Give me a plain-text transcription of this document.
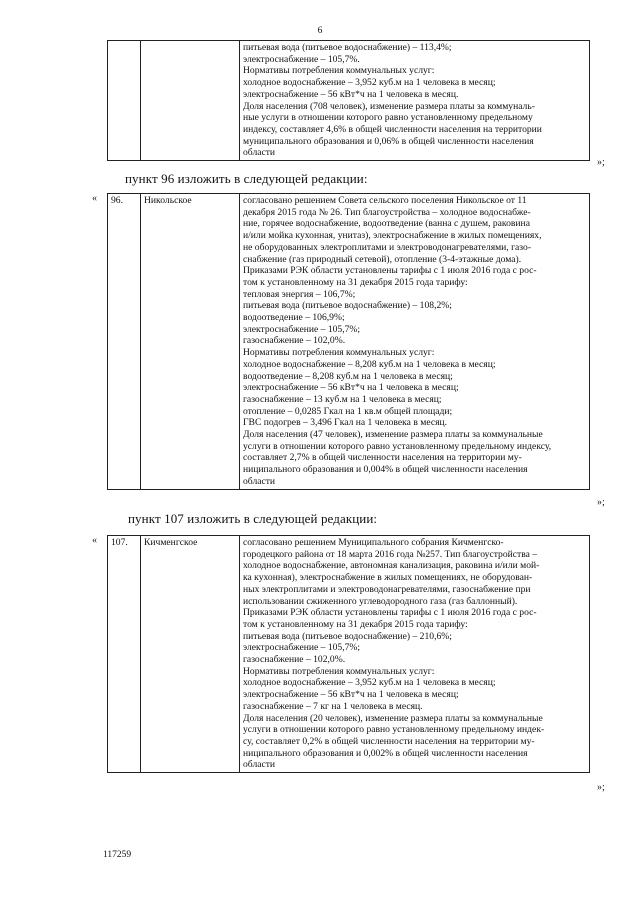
6

питьевая вода (питьевое водоснабжение) – 113,4%;
электроснабжение – 105,7%.
Нормативы потребления коммунальных услуг:
холодное водоснабжение – 3,952 куб.м на 1 человека в месяц;
электроснабжение – 56 кВт*ч на 1 человека в месяц.
Доля населения (708 человек), изменение размера платы за коммуналь-
ные услуги в отношении которого равно установленному предельному
индексу, составляет 4,6% в общей численности населения на территории
муниципального образования и 0,06% в общей численности населения
области
»;
пункт 96 изложить в следующей редакции:
« 96.	Никольское	согласовано решением Совета сельского поселения Никольское от 11
декабря 2015 года № 26. Тип благоустройства – холодное водоснабже-
ние, горячее водоснабжение, водоотведение (ванна с душем, раковина
и/или мойка кухонная, унитаз), электроснабжение в жилых помещениях,
не оборудованных электроплитами и электроводонагревателями, газо-
снабжение (газ природный сетевой), отопление (3-4-этажные дома).
Приказами РЭК области установлены тарифы с 1 июля 2016 года с рос-
том к установленному на 31 декабря 2015 года тарифу:
тепловая энергия – 106,7%;
питьевая вода (питьевое водоснабжение) – 108,2%;
водоотведение – 106,9%;
электроснабжение – 105,7%;
газоснабжение – 102,0%.
Нормативы потребления коммунальных услуг:
холодное водоснабжение – 8,208 куб.м на 1 человека в месяц;
водоотведение – 8,208 куб.м на 1 человека в месяц;
электроснабжение – 56 кВт*ч на 1 человека в месяц;
газоснабжение – 13 куб.м на 1 человека в месяц;
отопление – 0,0285 Гкал на 1 кв.м общей площади;
ГВС подогрев – 3,496 Гкал на 1 человека в месяц.
Доля населения (47 человек), изменение размера платы за коммунальные
услуги в отношении которого равно установленному предельному индексу,
составляет 2,7% в общей численности населения на территории му-
ниципального образования и 0,004% в общей численности населения
области
»;
пункт 107 изложить в следующей редакции:
« 107.	Кичменгское	согласовано решением Муниципального собрания Кичменгско-
городецкого района от 18 марта 2016 года №257. Тип благоустройства –
холодное водоснабжение, автономная канализация, раковина и/или мой-
ка кухонная), электроснабжение в жилых помещениях, не оборудован-
ных электроплитами и электроводонагревателями, газоснабжение при
использовании сжиженного углеводородного газа (газ баллонный).
Приказами РЭК области установлены тарифы с 1 июля 2016 года с рос-
том к установленному на 31 декабря 2015 года тарифу:
питьевая вода (питьевое водоснабжение) – 210,6%;
электроснабжение – 105,7%;
газоснабжение – 102,0%.
Нормативы потребления коммунальных услуг:
холодное водоснабжение – 3,952 куб.м на 1 человека в месяц;
электроснабжение – 56 кВт*ч на 1 человека в месяц;
газоснабжение – 7 кг на 1 человека в месяц.
Доля населения (20 человек), изменение размера платы за коммунальные
услуги в отношении которого равно установленному предельному индек-
су, составляет 0,2% в общей численности населения на территории му-
ниципального образования и 0,002% в общей численности населения
области
»;
117259
